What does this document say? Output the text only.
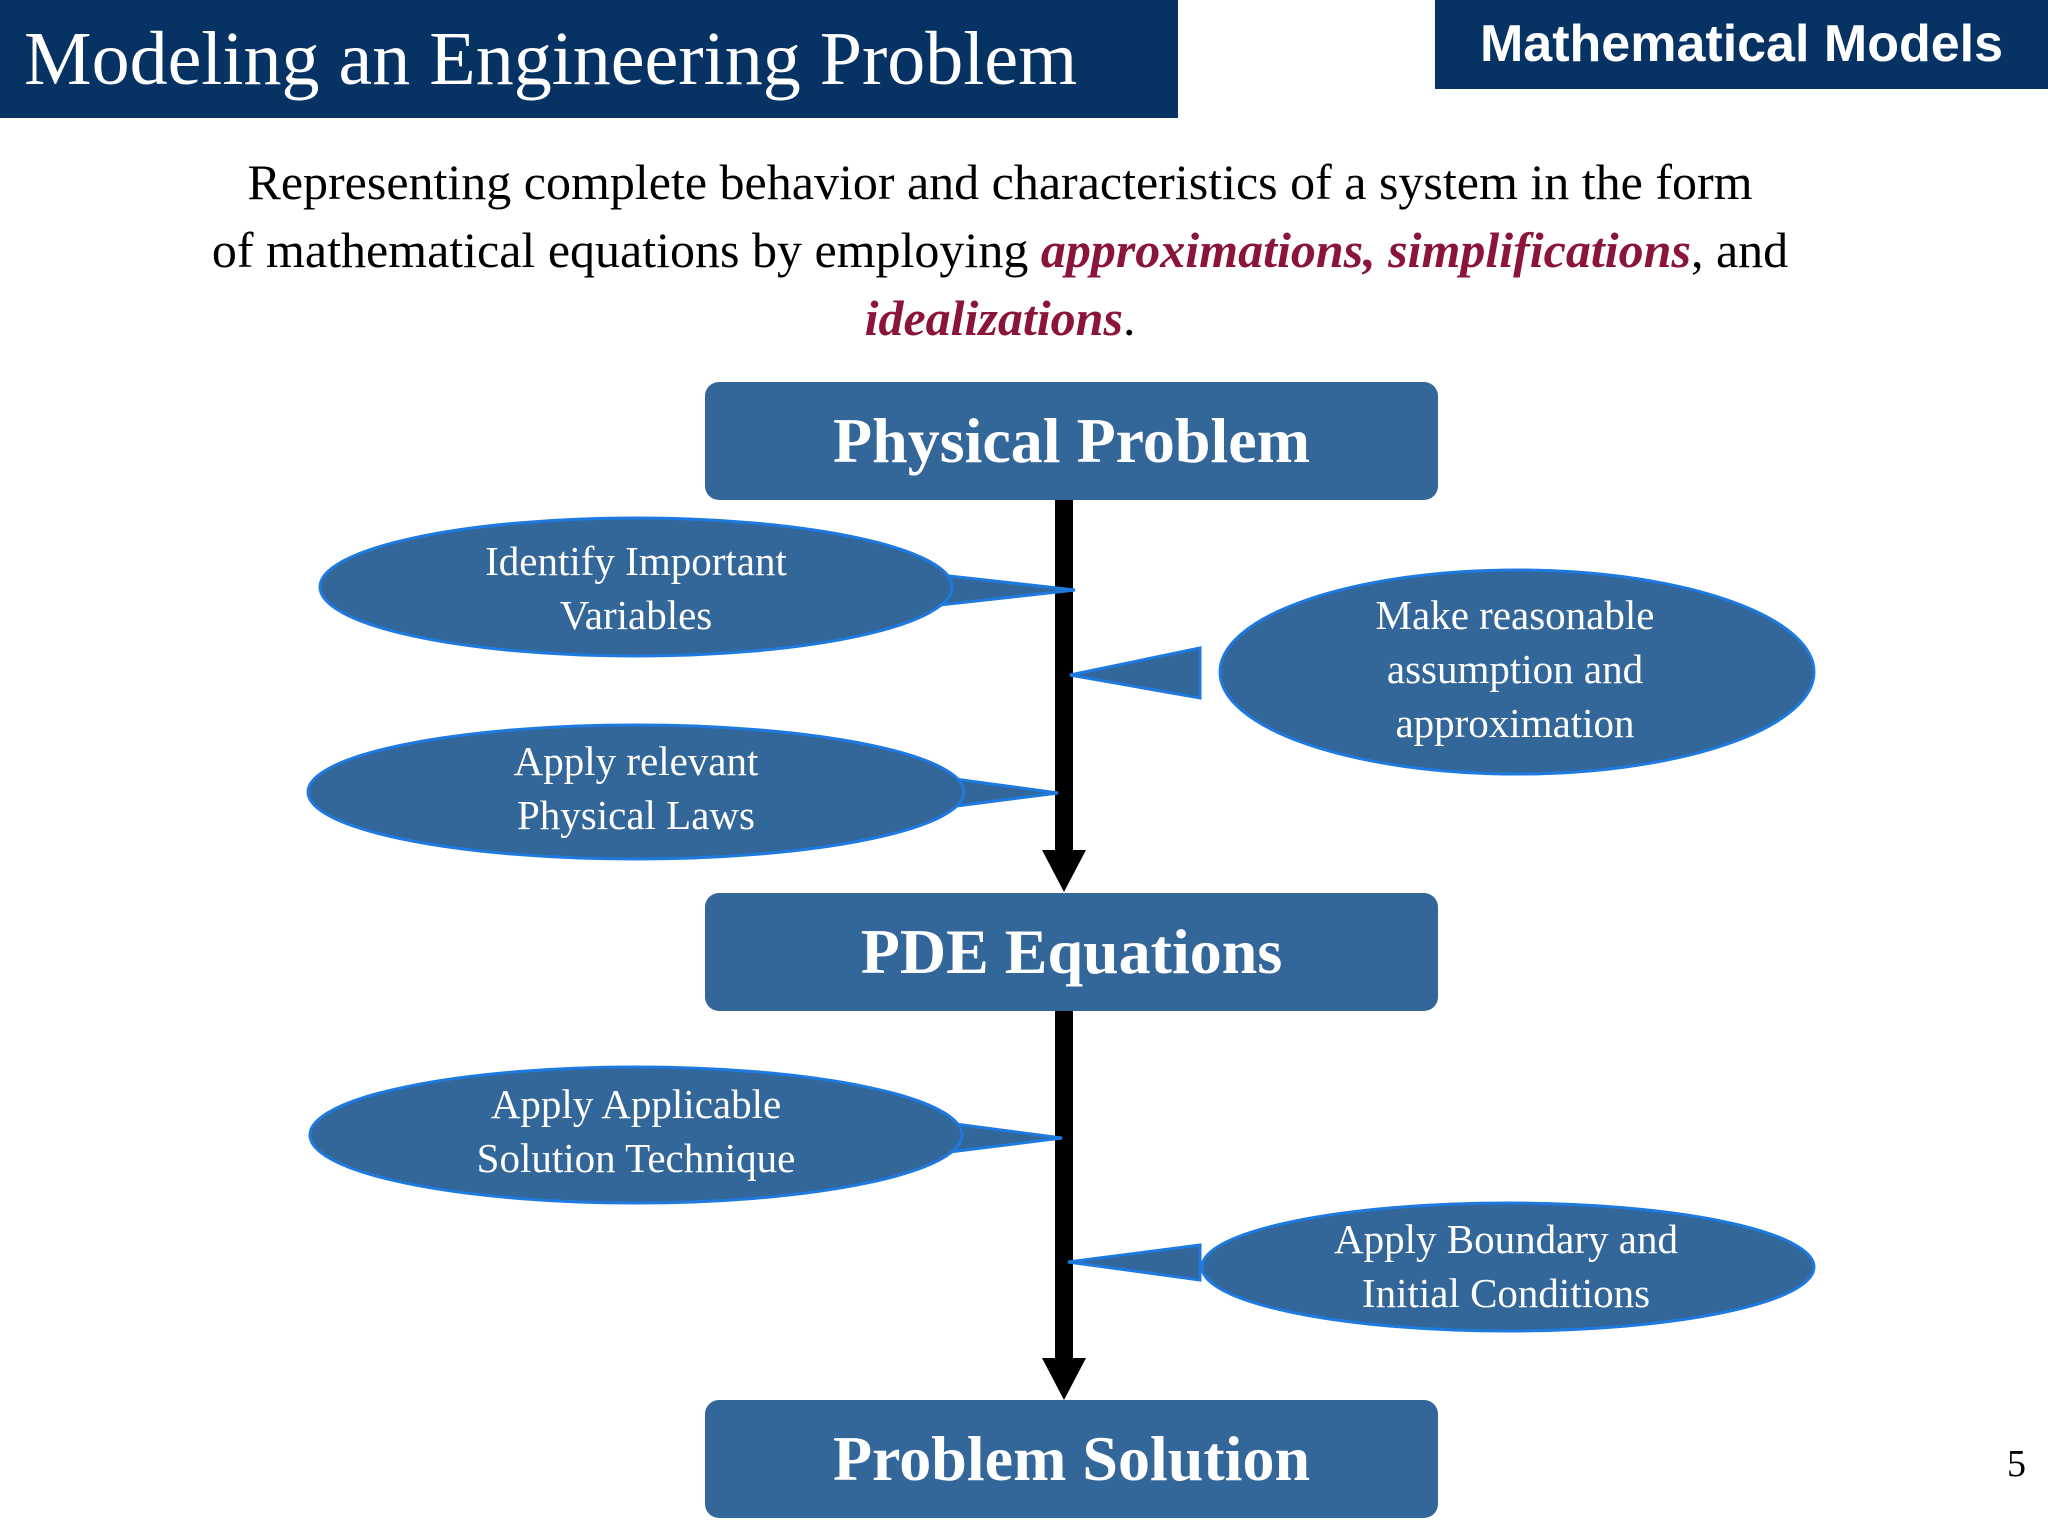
Modeling an Engineering Problem	Mathematical Models
Representing complete behavior and characteristics of a system in the form
of mathematical equations by employing approximations, simplifications, and
idealizations.
Physical Problem
PDE Equations
Problem Solution
Identify Important
Variables	Make reasonable
assumption and
approximation
Apply relevant
Physical Laws
Apply Applicable
Solution Technique
Apply Boundary and
Initial Conditions
5
